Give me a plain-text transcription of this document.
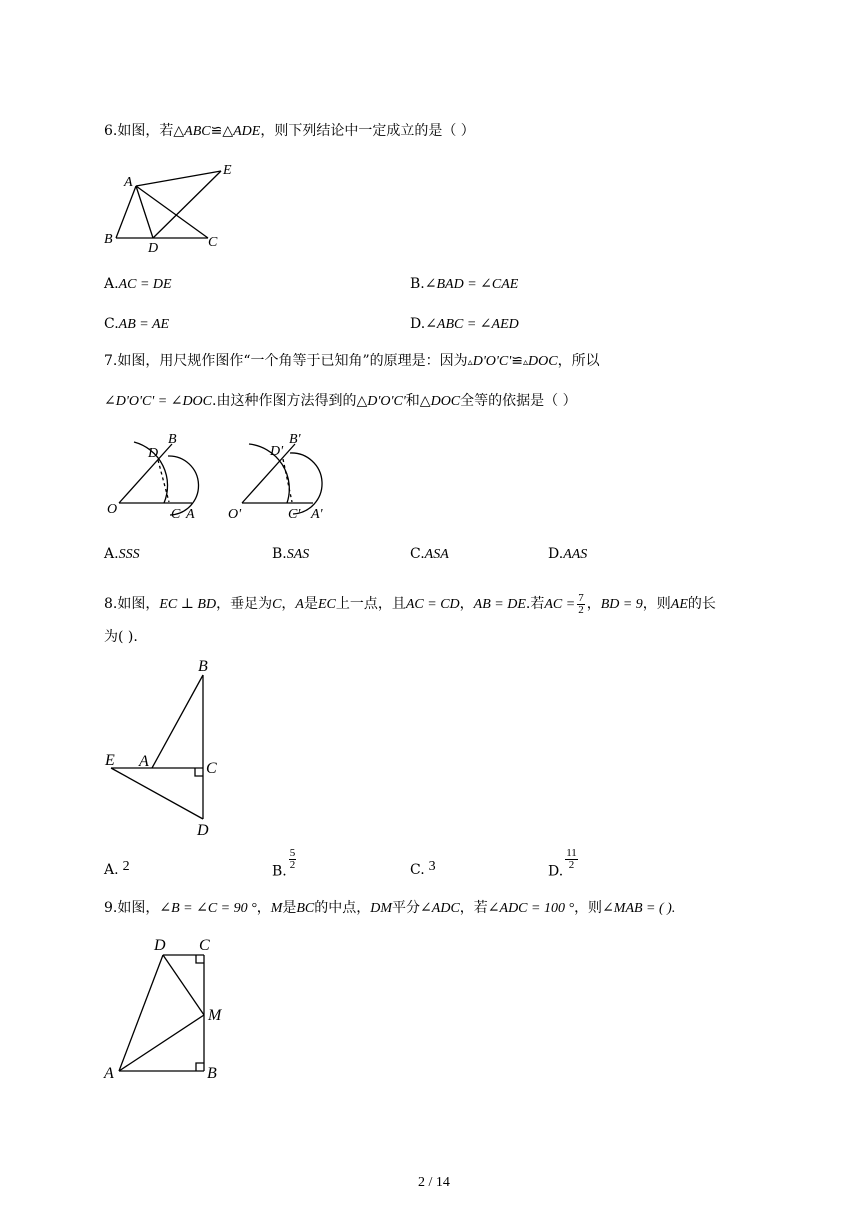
6.如图，若△ABC≌△ADE，则下列结论中一定成立的是（ ）
A
E
B
D	C
A.AC = DE	B.∠BAD = ∠CAE
C.AB = AE	D.∠ABC = ∠AED
7.如图，用尺规作图作“一个角等于已知角”的原理是：因为▵D'O'C'≌▵DOC，所以
∠D'O'C' = ∠DOC.由这种作图方法得到的△D'O'C'和△DOC全等的依据是（ ）
O
D
B
C A O'
D'
B'
C' A'
A.SSS	B.SAS	C.ASA	D.AAS
8.如图，EC ⊥ BD，垂足为C，A是EC上一点，且AC = CD，AB = DE.若AC = $\frac{7}{2}$ ，BD = 9，则AE的长
为( ).
B
E A	C
D
A. 2	B.
$\frac{5}{2}$	C. 3	D.
$\frac{11}{2}$
9.如图，∠B = ∠C = 90 °，M是BC的中点，DM平分∠ADC，若∠ADC = 100 °，则∠MAB = ( ).
D C
M
A	B
2 / 14
